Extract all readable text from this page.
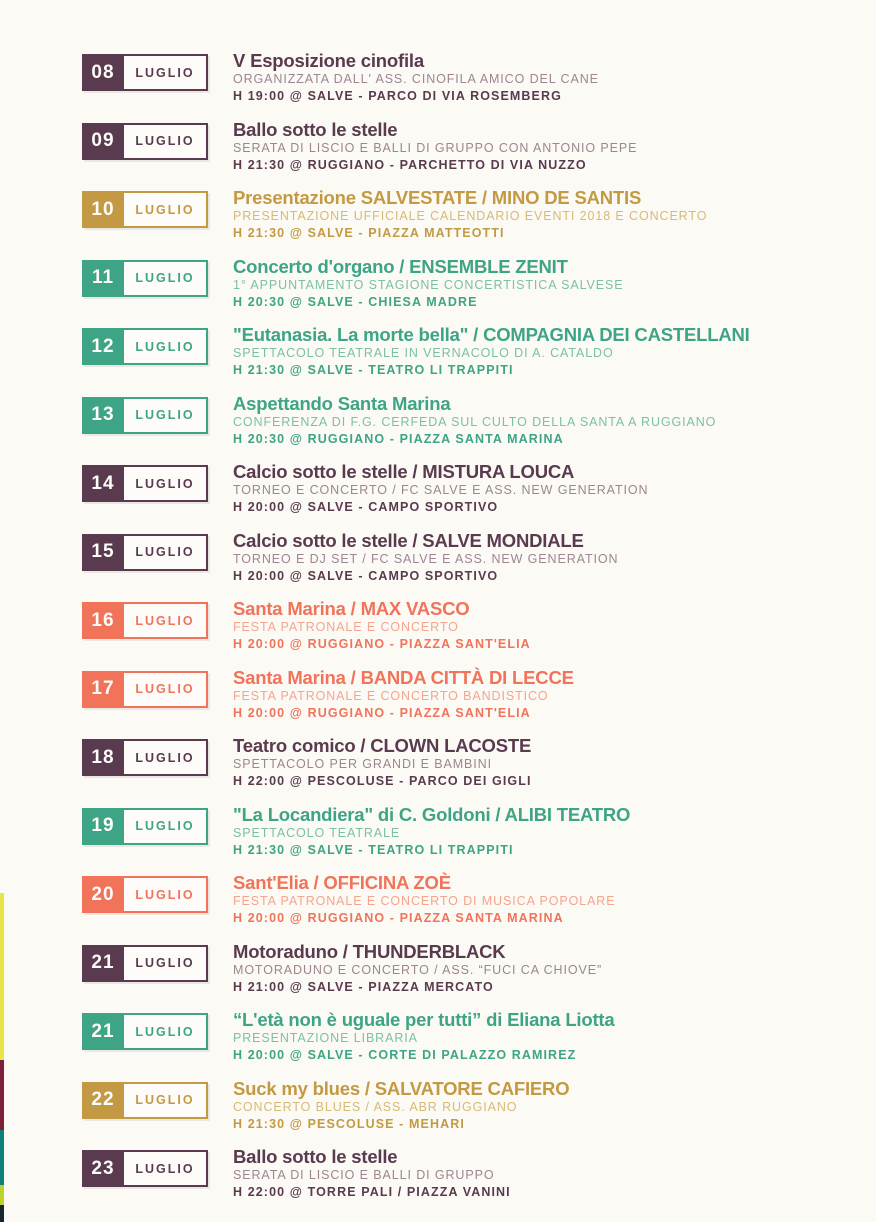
08	LUGLIO
V Esposizione cinofila
ORGANIZZATA DALL' ASS. CINOFILA AMICO DEL CANE
H 19:00 @ SALVE - PARCO DI VIA ROSEMBERG
09	LUGLIO
Ballo sotto le stelle
SERATA DI LISCIO E BALLI DI GRUPPO CON ANTONIO PEPE
H 21:30 @ RUGGIANO - PARCHETTO DI VIA NUZZO
10	LUGLIO
Presentazione SALVESTATE / MINO DE SANTIS
PRESENTAZIONE UFFICIALE CALENDARIO EVENTI 2018 E CONCERTO
H 21:30 @ SALVE - PIAZZA MATTEOTTI
11	LUGLIO
Concerto d'organo / ENSEMBLE ZENIT
1° APPUNTAMENTO STAGIONE CONCERTISTICA SALVESE
H 20:30 @ SALVE - CHIESA MADRE
12	LUGLIO
"Eutanasia. La morte bella" / COMPAGNIA DEI CASTELLANI
SPETTACOLO TEATRALE IN VERNACOLO DI A. CATALDO
H 21:30 @ SALVE - TEATRO LI TRAPPITI
13	LUGLIO
Aspettando Santa Marina
CONFERENZA DI F.G. CERFEDA SUL CULTO DELLA SANTA A RUGGIANO
H 20:30 @ RUGGIANO - PIAZZA SANTA MARINA
14	LUGLIO
Calcio sotto le stelle / MISTURA LOUCA
TORNEO E CONCERTO / FC SALVE E ASS. NEW GENERATION
H 20:00 @ SALVE - CAMPO SPORTIVO
15	LUGLIO
Calcio sotto le stelle / SALVE MONDIALE
TORNEO E DJ SET / FC SALVE E ASS. NEW GENERATION
H 20:00 @ SALVE - CAMPO SPORTIVO
16	LUGLIO
Santa Marina / MAX VASCO
FESTA PATRONALE E CONCERTO
H 20:00 @ RUGGIANO - PIAZZA SANT'ELIA
17	LUGLIO
Santa Marina / BANDA CITTÀ DI LECCE
FESTA PATRONALE E CONCERTO BANDISTICO
H 20:00 @ RUGGIANO - PIAZZA SANT'ELIA
18	LUGLIO
Teatro comico / CLOWN LACOSTE
SPETTACOLO PER GRANDI E BAMBINI
H 22:00 @ PESCOLUSE - PARCO DEI GIGLI
19	LUGLIO
"La Locandiera" di C. Goldoni / ALIBI TEATRO
SPETTACOLO TEATRALE
H 21:30 @ SALVE - TEATRO LI TRAPPITI
20	LUGLIO
Sant'Elia / OFFICINA ZOÈ
FESTA PATRONALE E CONCERTO DI MUSICA POPOLARE
H 20:00 @ RUGGIANO - PIAZZA SANTA MARINA
21	LUGLIO
Motoraduno / THUNDERBLACK
MOTORADUNO E CONCERTO / ASS. “FUCI CA CHIOVE”
H 21:00 @ SALVE - PIAZZA MERCATO
21	LUGLIO
“L'età non è uguale per tutti” di Eliana Liotta
PRESENTAZIONE LIBRARIA
H 20:00 @ SALVE - CORTE DI PALAZZO RAMIREZ
22	LUGLIO
Suck my blues / SALVATORE CAFIERO
CONCERTO BLUES / ASS. ABR RUGGIANO
H 21:30 @ PESCOLUSE - MEHARI
23	LUGLIO
Ballo sotto le stelle
SERATA DI LISCIO E BALLI DI GRUPPO
H 22:00 @ TORRE PALI / PIAZZA VANINI
